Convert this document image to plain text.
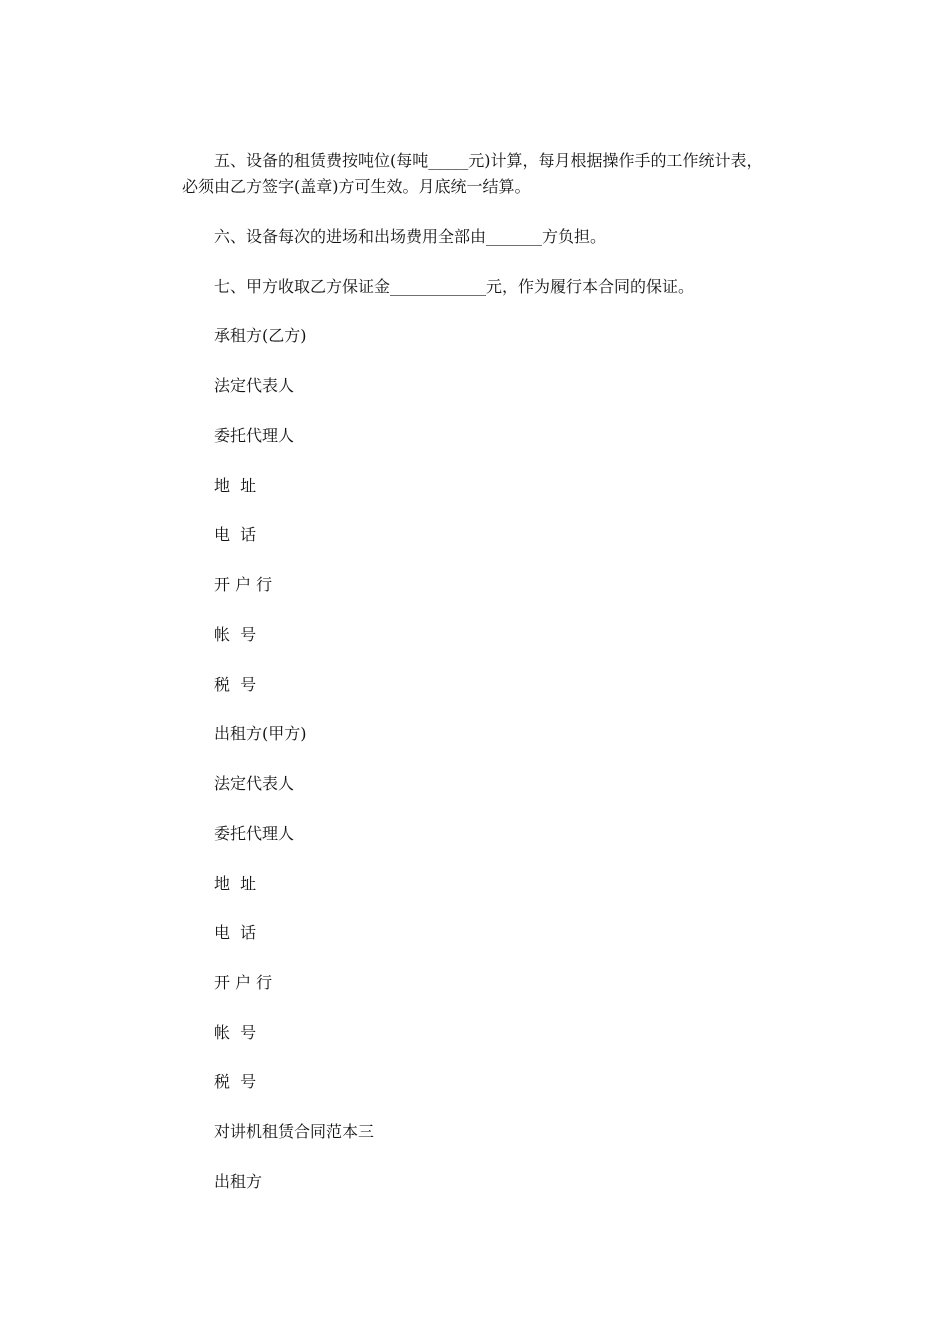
　　五、设备的租赁费按吨位(每吨_____元)计算，每月根据操作手的工作统计表，必须由乙方签字(盖章)方可生效。月底统一结算。

六、设备每次的进场和出场费用全部由_______方负担。

七、甲方收取乙方保证金____________元，作为履行本合同的保证。

承租方(乙方)

法定代表人

委托代理人

地  址

电  话

开 户 行

帐  号

税  号

出租方(甲方)

法定代表人

委托代理人

地  址

电  话

开 户 行

帐  号

税  号

对讲机租赁合同范本三

出租方
